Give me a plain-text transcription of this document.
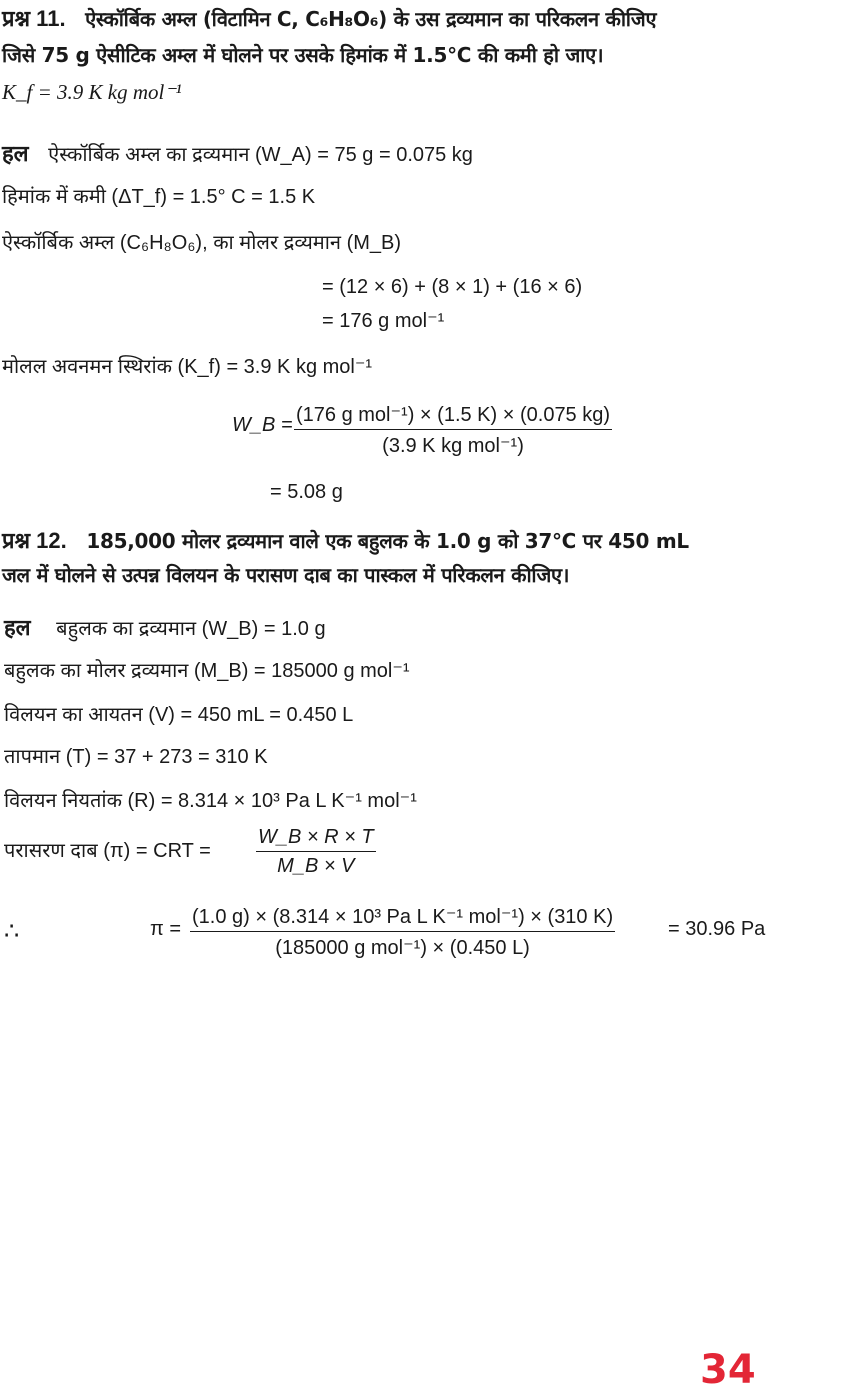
प्रश्न 11. ऐस्कॉर्बिक अम्ल (विटामिन C, C₆H₈O₆) के उस द्रव्यमान का परिकलन कीजिए
जिसे 75 g ऐसीटिक अम्ल में घोलने पर उसके हिमांक में 1.5°C की कमी हो जाए।
K_f = 3.9 K kg mol⁻¹
हल ऐस्कॉर्बिक अम्ल का द्रव्यमान (W_A) = 75 g = 0.075 kg
हिमांक में कमी (ΔT_f) = 1.5° C = 1.5 K
ऐस्कॉर्बिक अम्ल (C₆H₈O₆), का मोलर द्रव्यमान (M_B)
= (12 × 6) + (8 × 1) + (16 × 6)
= 176 g mol⁻¹
मोलल अवनमन स्थिरांक (K_f) = 3.9 K kg mol⁻¹
W_B = (176 g mol⁻¹) × (1.5 K) × (0.075 kg)
(3.9 K kg mol⁻¹)
= 5.08 g
प्रश्न 12. 185,000 मोलर द्रव्यमान वाले एक बहुलक के 1.0 g को 37°C पर 450 mL
जल में घोलने से उत्पन्न विलयन के परासण दाब का पास्कल में परिकलन कीजिए।
हल बहुलक का द्रव्यमान (W_B) = 1.0 g
बहुलक का मोलर द्रव्यमान (M_B) = 185000 g mol⁻¹
विलयन का आयतन (V) = 450 mL = 0.450 L
तापमान (T) = 37 + 273 = 310 K
विलयन नियतांक (R) = 8.314 × 10³ Pa L K⁻¹ mol⁻¹
परासरण दाब (π) = CRT = $\frac{W\_B \times R \times T}{M\_B \times V}$
∴	π =
(1.0 g) × (8.314 × 10³ Pa L K⁻¹ mol⁻¹) × (310 K)
(185000 g mol⁻¹) × (0.450 L)
= 30.96 Pa
34
